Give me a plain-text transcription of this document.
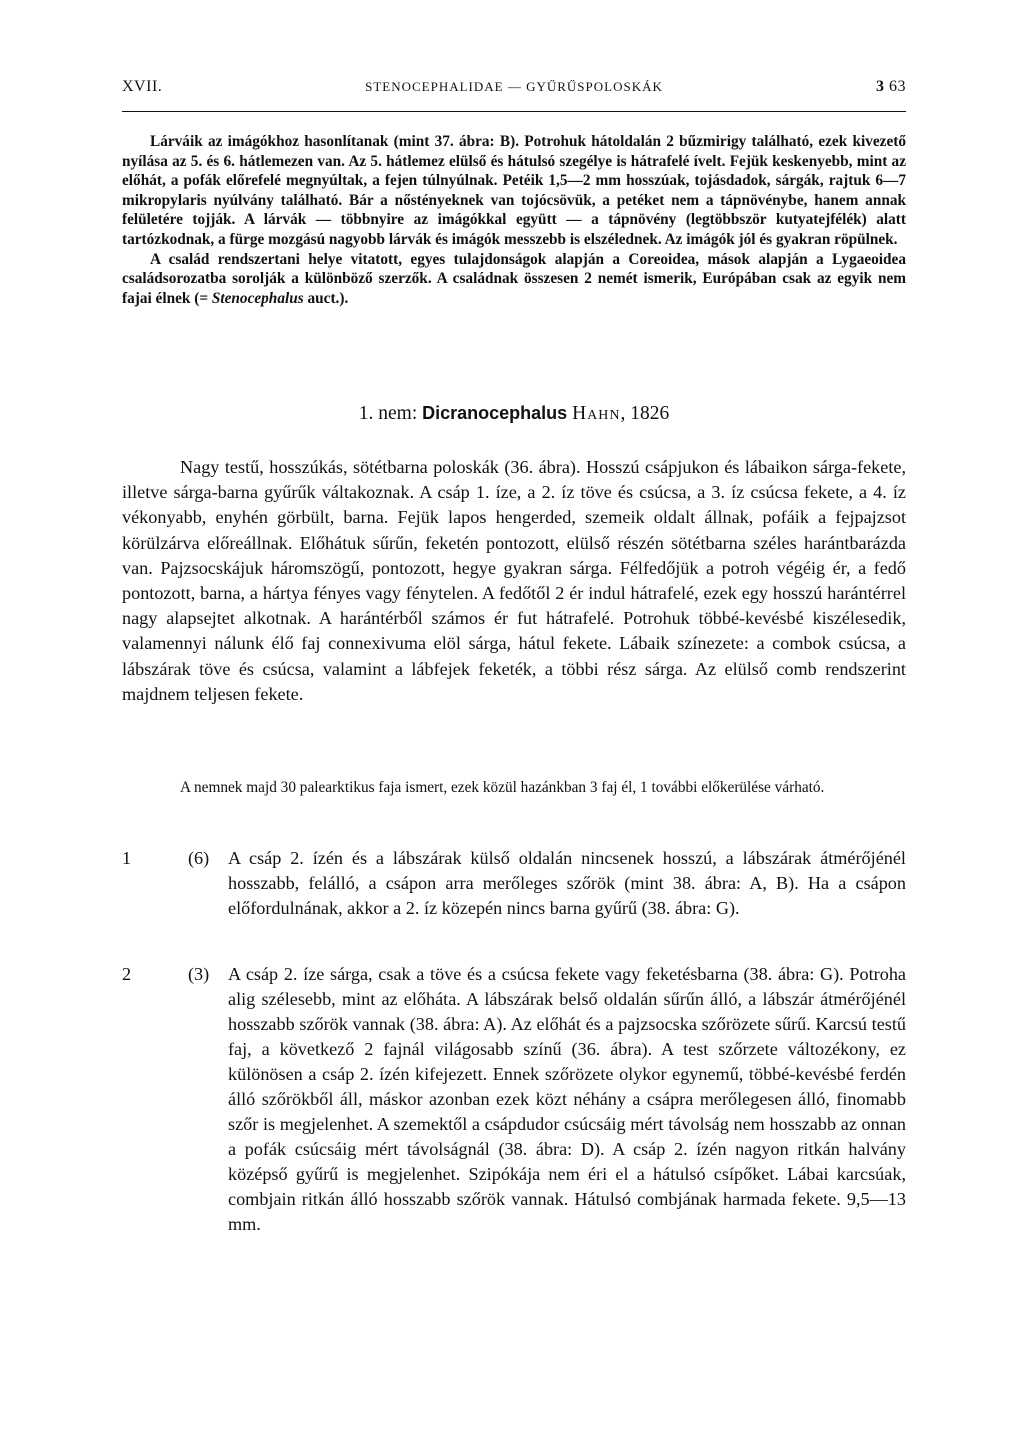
XVII.	STENOCEPHALIDAE — GYŰRŰSPOLOSKÁK	3 63

Lárváik az imágókhoz hasonlítanak (mint 37. ábra: B). Potrohuk hátoldalán 2 bűzmirigy található, ezek kivezető nyílása az 5. és 6. hátlemezen van. Az 5. hátlemez elülső és hátulsó szegélye is hátrafelé ívelt. Fejük keskenyebb, mint az előhát, a pofák előrefelé megnyúltak, a fejen túlnyúlnak. Petéik 1,5—2 mm hosszúak, tojásdadok, sárgák, rajtuk 6—7 mikropylaris nyúlvány található. Bár a nőstényeknek van tojócsövük, a petéket nem a tápnövénybe, hanem annak felületére tojják. A lárvák — többnyire az imágókkal együtt — a tápnövény (legtöbbször kutyatejfélék) alatt tartózkodnak, a fürge mozgású nagyobb lárvák és imágók messzebb is elszélednek. Az imágók jól és gyakran röpülnek.

A család rendszertani helye vitatott, egyes tulajdonságok alapján a Coreoidea, mások alapján a Lygaeoidea családsorozatba sorolják a különböző szerzők. A családnak összesen 2 nemét ismerik, Európában csak az egyik nem fajai élnek (= Stenocephalus auct.).

1. nem: Dicranocephalus Hahn, 1826

Nagy testű, hosszúkás, sötétbarna poloskák (36. ábra). Hosszú csápjukon és lábaikon sárga-fekete, illetve sárga-barna gyűrűk váltakoznak. A csáp 1. íze, a 2. íz töve és csúcsa, a 3. íz csúcsa fekete, a 4. íz vékonyabb, enyhén görbült, barna. Fejük lapos hengerded, szemeik oldalt állnak, pofáik a fejpajzsot körülzárva előreállnak. Előhátuk sűrűn, feketén pontozott, elülső részén sötétbarna széles harántbarázda van. Pajzsocskájuk háromszögű, pontozott, hegye gyakran sárga. Félfedőjük a potroh végéig ér, a fedő pontozott, barna, a hártya fényes vagy fénytelen. A fedőtől 2 ér indul hátrafelé, ezek egy hosszú harántérrel nagy alapsejtet alkotnak. A harántérből számos ér fut hátrafelé. Potrohuk többé-kevésbé kiszélesedik, valamennyi nálunk élő faj connexivuma elöl sárga, hátul fekete. Lábaik színezete: a combok csúcsa, a lábszárak töve és csúcsa, valamint a lábfejek feketék, a többi rész sárga. Az elülső comb rendszerint majdnem teljesen fekete.

A nemnek majd 30 palearktikus faja ismert, ezek közül hazánkban 3 faj él, 1 további előkerülése várható.

1	(6) A csáp 2. ízén és a lábszárak külső oldalán nincsenek hosszú, a lábszárak átmérőjénél hosszabb, felálló, a csápon arra merőleges szőrök (mint 38. ábra: A, B). Ha a csápon előfordulnának, akkor a 2. íz közepén nincs barna gyűrű (38. ábra: G).
2	(3) A csáp 2. íze sárga, csak a töve és a csúcsa fekete vagy feketésbarna (38. ábra: G). Potroha alig szélesebb, mint az előháta. A lábszárak belső oldalán sűrűn álló, a lábszár átmérőjénél hosszabb szőrök vannak (38. ábra: A). Az előhát és a pajzsocska szőrözete sűrű. Karcsú testű faj, a következő 2 fajnál világosabb színű (36. ábra). A test szőrzete változékony, ez különösen a csáp 2. ízén kifejezett. Ennek szőrözete olykor egynemű, többé-kevésbé ferdén álló szőrökből áll, máskor azonban ezek közt néhány a csápra merőlegesen álló, finomabb szőr is megjelenhet. A szemektől a csápdudor csúcsáig mért távolság nem hosszabb az onnan a pofák csúcsáig mért távolságnál (38. ábra: D). A csáp 2. ízén nagyon ritkán halvány középső gyűrű is megjelenhet. Szipókája nem éri el a hátulsó csípőket. Lábai karcsúak, combjain ritkán álló hosszabb szőrök vannak. Hátulsó combjának harmada fekete. 9,5—13 mm.
